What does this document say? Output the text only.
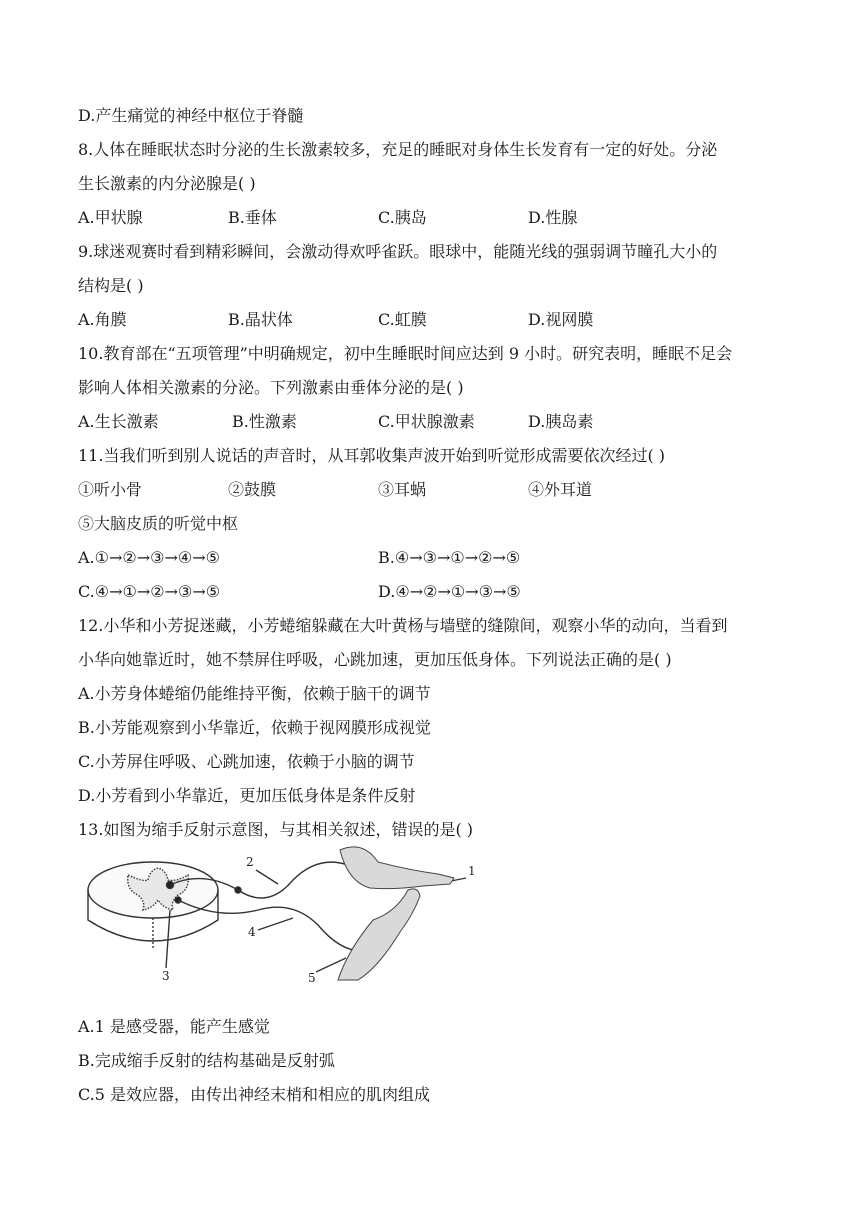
D.产生痛觉的神经中枢位于脊髓
8.人体在睡眠状态时分泌的生长激素较多，充足的睡眠对身体生长发育有一定的好处。分泌
生长激素的内分泌腺是( )
A.甲状腺	B.垂体	C.胰岛	D.性腺
9.球迷观赛时看到精彩瞬间，会激动得欢呼雀跃。眼球中，能随光线的强弱调节瞳孔大小的
结构是( )
A.角膜	B.晶状体	C.虹膜	D.视网膜
10.教育部在“五项管理”中明确规定，初中生睡眠时间应达到 9 小时。研究表明，睡眠不足会
影响人体相关激素的分泌。下列激素由垂体分泌的是( )
A.生长激素	B.性激素	C.甲状腺激素	D.胰岛素
11.当我们听到别人说话的声音时，从耳郭收集声波开始到听觉形成需要依次经过( )
①听小骨	②鼓膜	③耳蜗	④外耳道
⑤大脑皮质的听觉中枢
A.①→②→③→④→⑤	B.④→③→①→②→⑤
C.④→①→②→③→⑤	D.④→②→①→③→⑤
12.小华和小芳捉迷藏，小芳蜷缩躲藏在大叶黄杨与墙壁的缝隙间，观察小华的动向，当看到
小华向她靠近时，她不禁屏住呼吸，心跳加速，更加压低身体。下列说法正确的是( )
A.小芳身体蜷缩仍能维持平衡，依赖于脑干的调节
B.小芳能观察到小华靠近，依赖于视网膜形成视觉
C.小芳屏住呼吸、心跳加速，依赖于小脑的调节
D.小芳看到小华靠近，更加压低身体是条件反射
13.如图为缩手反射示意图，与其相关叙述，错误的是( )
2
1
3
4
5
A.1 是感受器，能产生感觉
B.完成缩手反射的结构基础是反射弧
C.5 是效应器，由传出神经末梢和相应的肌肉组成
